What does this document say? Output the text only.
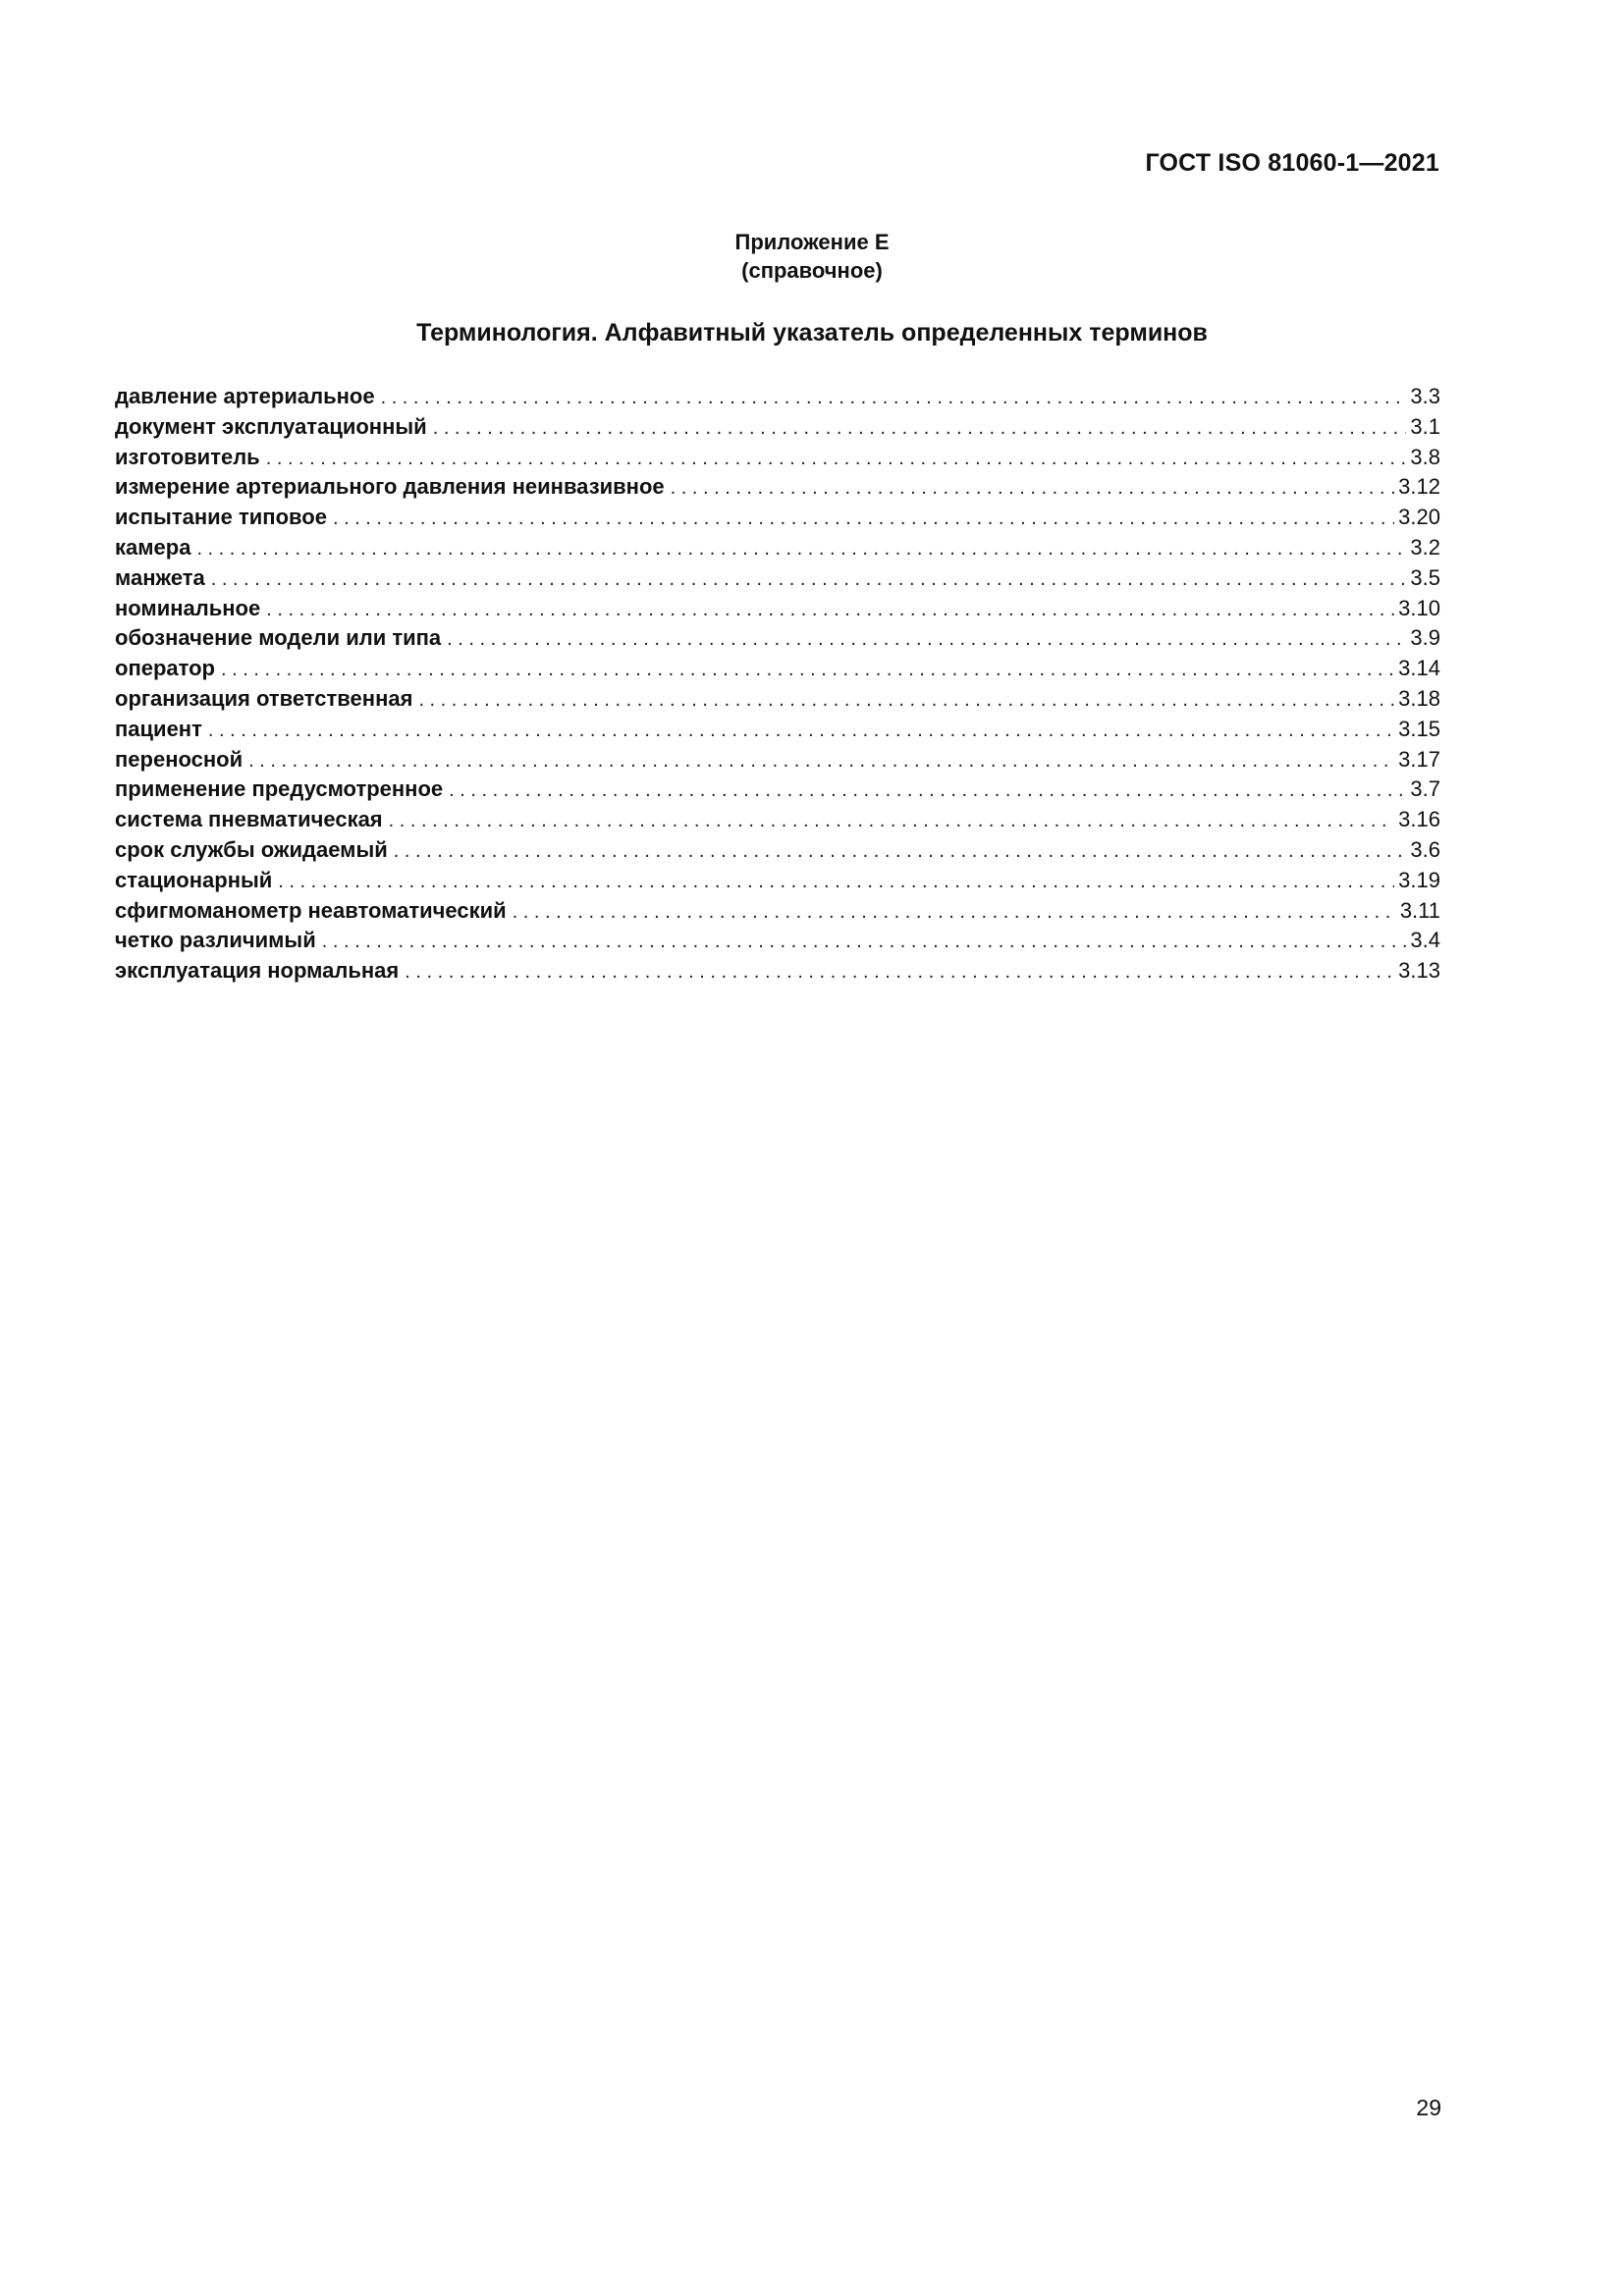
ГОСТ ISO 81060-1—2021
Приложение Е
(справочное)
Терминология. Алфавитный указатель определенных терминов
давление артериальное . . .	3.3
документ эксплуатационный . . .	3.1
изготовитель . . .	3.8
измерение артериального давления неинвазивное . . .	3.12
испытание типовое . . .	3.20
камера . . .	3.2
манжета . . .	3.5
номинальное . . .	3.10
обозначение модели или типа . . .	3.9
оператор . . .	3.14
организация ответственная . . .	3.18
пациент . . .	3.15
переносной . . .	3.17
применение предусмотренное . . .	3.7
система пневматическая . . .	3.16
срок службы ожидаемый . . .	3.6
стационарный . . .	3.19
сфигмоманометр неавтоматический . . .	3.11
четко различимый . . .	3.4
эксплуатация нормальная . . .	3.13
29
